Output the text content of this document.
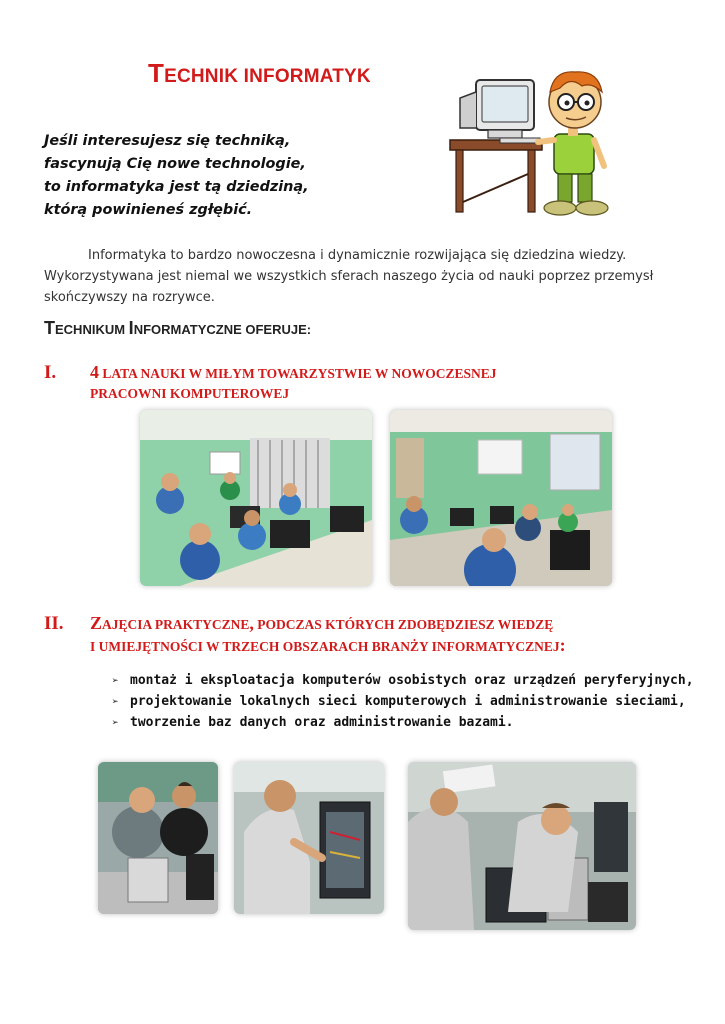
TECHNIK INFORMATYK
Jeśli interesujesz się techniką,
fascynują Cię nowe technologie,
to informatyka jest tą dziedziną,
którą powinieneś zgłębić.
Informatyka to bardzo nowoczesna i dynamicznie rozwijająca się dziedzina wiedzy.
Wykorzystywana jest niemal we wszystkich sferach naszego życia od nauki poprzez przemysł
skończywszy na rozrywce.
TECHNIKUM INFORMATYCZNE OFERUJE:
I. 4 LATA NAUKI W MIŁYM TOWARZYSTWIE W NOWOCZESNEJ
PRACOWNI KOMPUTEROWEJ
II. ZAJĘCIA PRAKTYCZNE, PODCZAS KTÓRYCH ZDOBĘDZIESZ WIEDZĘ
I UMIEJĘTNOŚCI W TRZECH OBSZARACH BRANŻY INFORMATYCZNEJ:
➢ montaż i eksploatacja komputerów osobistych oraz urządzeń peryferyjnych,
➢ projektowanie lokalnych sieci komputerowych i administrowanie sieciami,
➢ tworzenie baz danych oraz administrowanie bazami.
